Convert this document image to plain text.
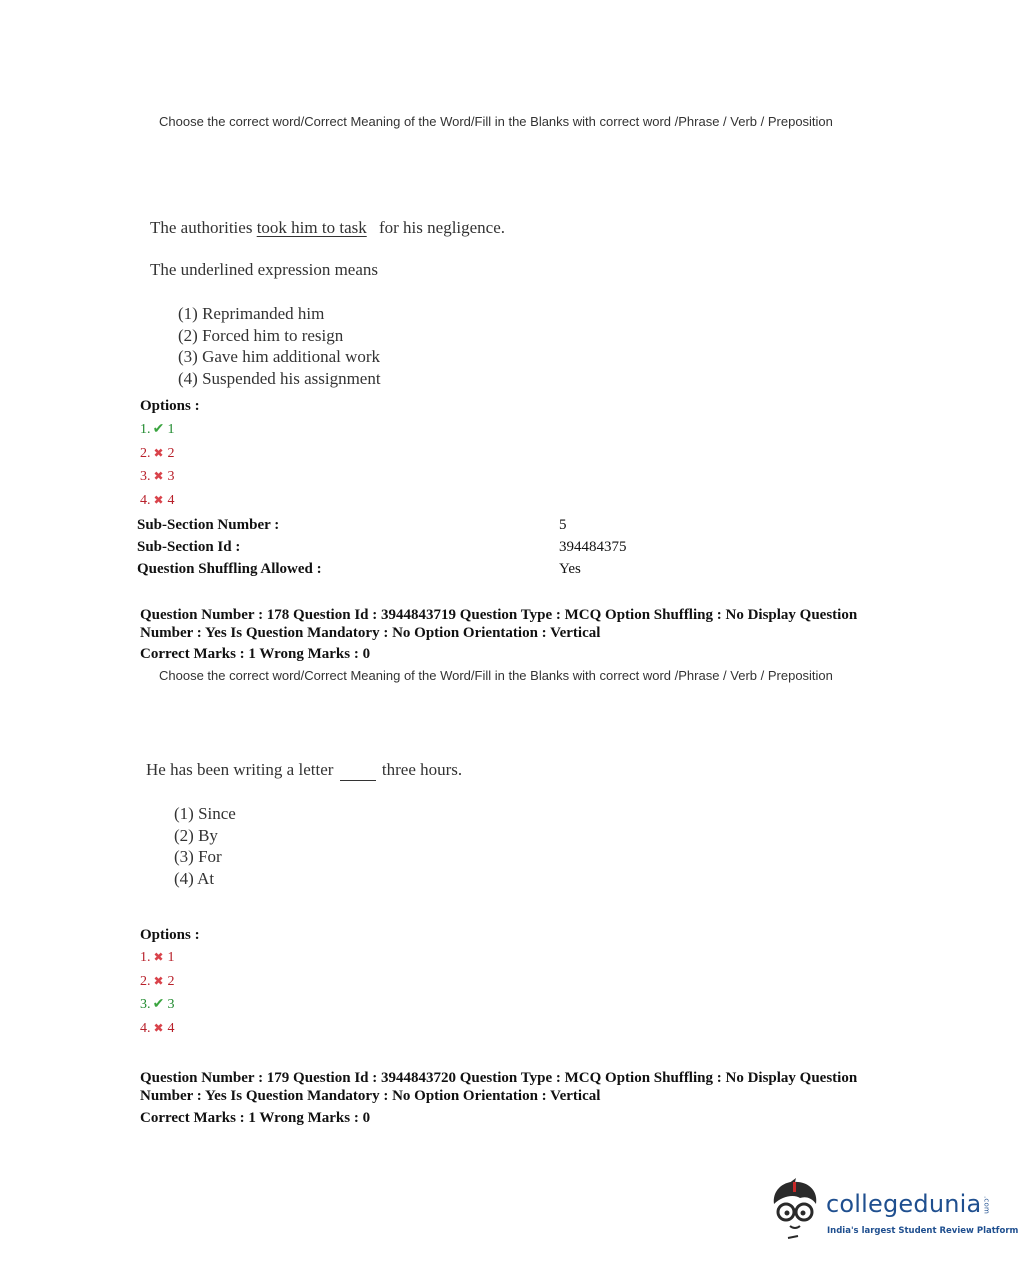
Choose the correct word/Correct Meaning of the Word/Fill in the Blanks with correct word /Phrase / Verb / Preposition
The authorities took him to task for his negligence.
The underlined expression means
(1) Reprimanded him
(2) Forced him to resign
(3) Gave him additional work
(4) Suspended his assignment
Options :
1. ✔ 1
2. ✖ 2
3. ✖ 3
4. ✖ 4
Sub-Section Number :	5
Sub-Section Id :	394484375
Question Shuffling Allowed :	Yes
Question Number : 178 Question Id : 3944843719 Question Type : MCQ Option Shuffling : No Display Question Number : Yes Is Question Mandatory : No Option Orientation : Vertical
Correct Marks : 1 Wrong Marks : 0
Choose the correct word/Correct Meaning of the Word/Fill in the Blanks with correct word /Phrase / Verb / Preposition
He has been writing a letter	three hours.
(1) Since
(2) By
(3) For
(4) At
Options :
1. ✖ 1
2. ✖ 2
3. ✔ 3
4. ✖ 4
Question Number : 179 Question Id : 3944843720 Question Type : MCQ Option Shuffling : No Display Question Number : Yes Is Question Mandatory : No Option Orientation : Vertical
Correct Marks : 1 Wrong Marks : 0
collegedunia.com
India's largest Student Review Platform
